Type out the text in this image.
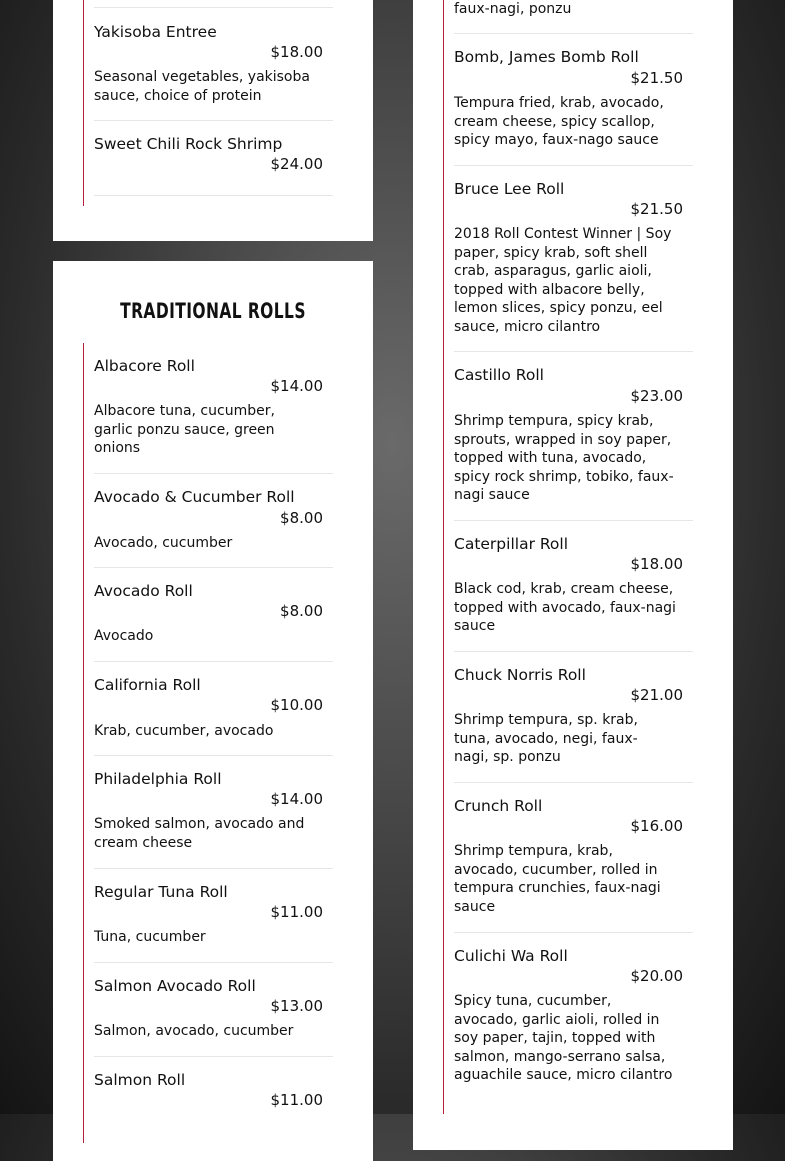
Yakisoba Entree
$18.00
Seasonal vegetables, yakisoba sauce, choice of protein
Sweet Chili Rock Shrimp
$24.00
TRADITIONAL ROLLS
Albacore Roll
$14.00
Albacore tuna, cucumber, garlic ponzu sauce, green onions
Avocado & Cucumber Roll
$8.00
Avocado, cucumber
Avocado Roll
$8.00
Avocado
California Roll
$10.00
Krab, cucumber, avocado
Philadelphia Roll
$14.00
Smoked salmon, avocado and cream cheese
Regular Tuna Roll
$11.00
Tuna, cucumber
Salmon Avocado Roll
$13.00
Salmon, avocado, cucumber
Salmon Roll
$11.00
faux-nagi, ponzu
Bomb, James Bomb Roll
$21.50
Tempura fried, krab, avocado, cream cheese, spicy scallop, spicy mayo, faux-nago sauce
Bruce Lee Roll
$21.50
2018 Roll Contest Winner | Soy paper, spicy krab, soft shell crab, asparagus, garlic aioli, topped with albacore belly, lemon slices, spicy ponzu, eel sauce, micro cilantro
Castillo Roll
$23.00
Shrimp tempura, spicy krab, sprouts, wrapped in soy paper, topped with tuna, avocado, spicy rock shrimp, tobiko, faux-nagi sauce
Caterpillar Roll
$18.00
Black cod, krab, cream cheese, topped with avocado, faux-nagi sauce
Chuck Norris Roll
$21.00
Shrimp tempura, sp. krab, tuna, avocado, negi, faux-nagi, sp. ponzu
Crunch Roll
$16.00
Shrimp tempura, krab, avocado, cucumber, rolled in tempura crunchies, faux-nagi sauce
Culichi Wa Roll
$20.00
Spicy tuna, cucumber, avocado, garlic aioli, rolled in soy paper, tajin, topped with salmon, mango-serrano salsa, aguachile sauce, micro cilantro
